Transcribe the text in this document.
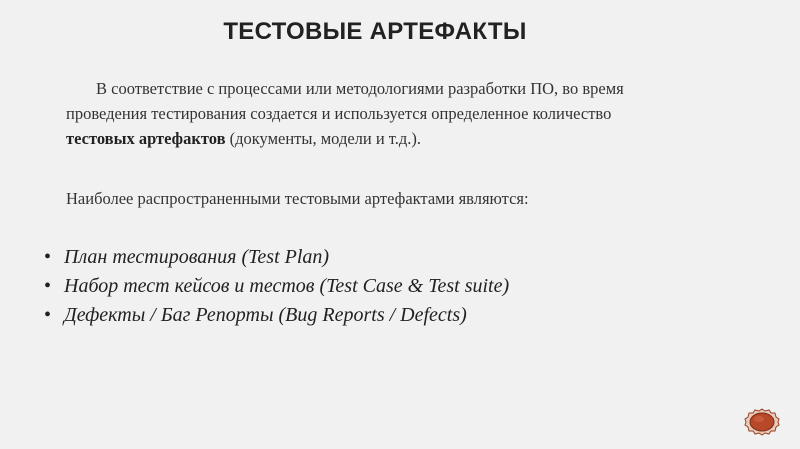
ТЕСТОВЫЕ АРТЕФАКТЫ
В соответствие с процессами или методологиями разработки ПО, во время
проведения тестирования создается и используется определенное количество
тестовых артефактов (документы, модели и т.д.).
Наиболее распространенными тестовыми артефактами являются:
• План тестирования (Test Plan)
• Набор тест кейсов и тестов (Test Case & Test suite)
• Дефекты / Баг Репорты (Bug Reports / Defects)
